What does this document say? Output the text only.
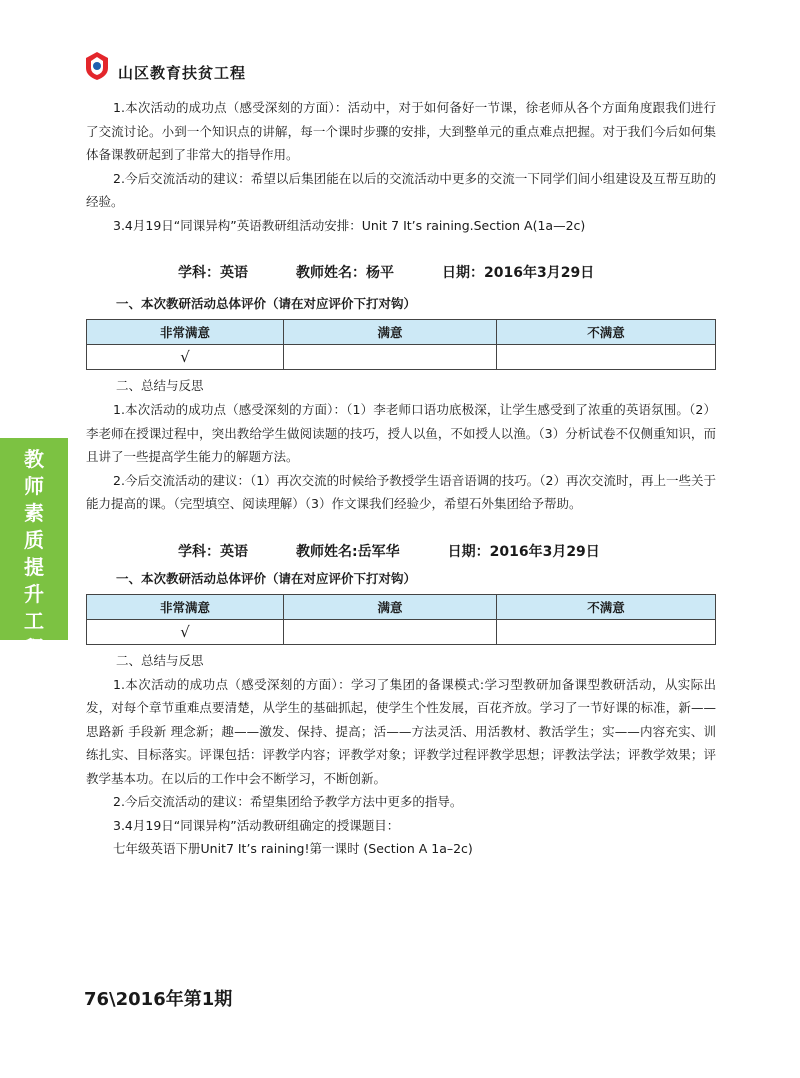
山区教育扶贫工程
教
师
素
质
提
升
工
程

1.本次活动的成功点（感受深刻的方面）：活动中，对于如何备好一节课，徐老师从各个方面角度跟我们进行了交流讨论。小到一个知识点的讲解，每一个课时步骤的安排，大到整单元的重点难点把握。对于我们今后如何集体备课教研起到了非常大的指导作用。

2.今后交流活动的建议：希望以后集团能在以后的交流活动中更多的交流一下同学们间小组建设及互帮互助的经验。

3.4月19日“同课异构”英语教研组活动安排：Unit 7 It’s raining.Section A(1a—2c)

学科：英语	教师姓名：杨平	日期：2016年3月29日

一、本次教研活动总体评价（请在对应评价下打对钩）

非常满意	满意	不满意
√		

二、总结与反思

1.本次活动的成功点（感受深刻的方面）：（1）李老师口语功底极深，让学生感受到了浓重的英语氛围。（2）李老师在授课过程中，突出教给学生做阅读题的技巧，授人以鱼，不如授人以渔。（3）分析试卷不仅侧重知识，而且讲了一些提高学生能力的解题方法。

2.今后交流活动的建议：（1）再次交流的时候给予教授学生语音语调的技巧。（2）再次交流时，再上一些关于能力提高的课。（完型填空、阅读理解）（3）作文课我们经验少，希望石外集团给予帮助。

学科：英语	教师姓名:岳军华	日期：2016年3月29日

一、本次教研活动总体评价（请在对应评价下打对钩）

非常满意	满意	不满意
√		

二、总结与反思

1.本次活动的成功点（感受深刻的方面）：学习了集团的备课模式:学习型教研加备课型教研活动，从实际出发，对每个章节重难点要清楚，从学生的基础抓起，使学生个性发展，百花齐放。学习了一节好课的标准，新——思路新 手段新 理念新；趣——激发、保持、提高；活——方法灵活、用活教材、教活学生；实——内容充实、训练扎实、目标落实。评课包括：评教学内容；评教学对象；评教学过程评教学思想；评教法学法；评教学效果；评教学基本功。在以后的工作中会不断学习，不断创新。

2.今后交流活动的建议：希望集团给予教学方法中更多的指导。

3.4月19日“同课异构”活动教研组确定的授课题目：

七年级英语下册Unit7 It’s raining!第一课时 (Section A 1a–2c)

76\2016年第1期
